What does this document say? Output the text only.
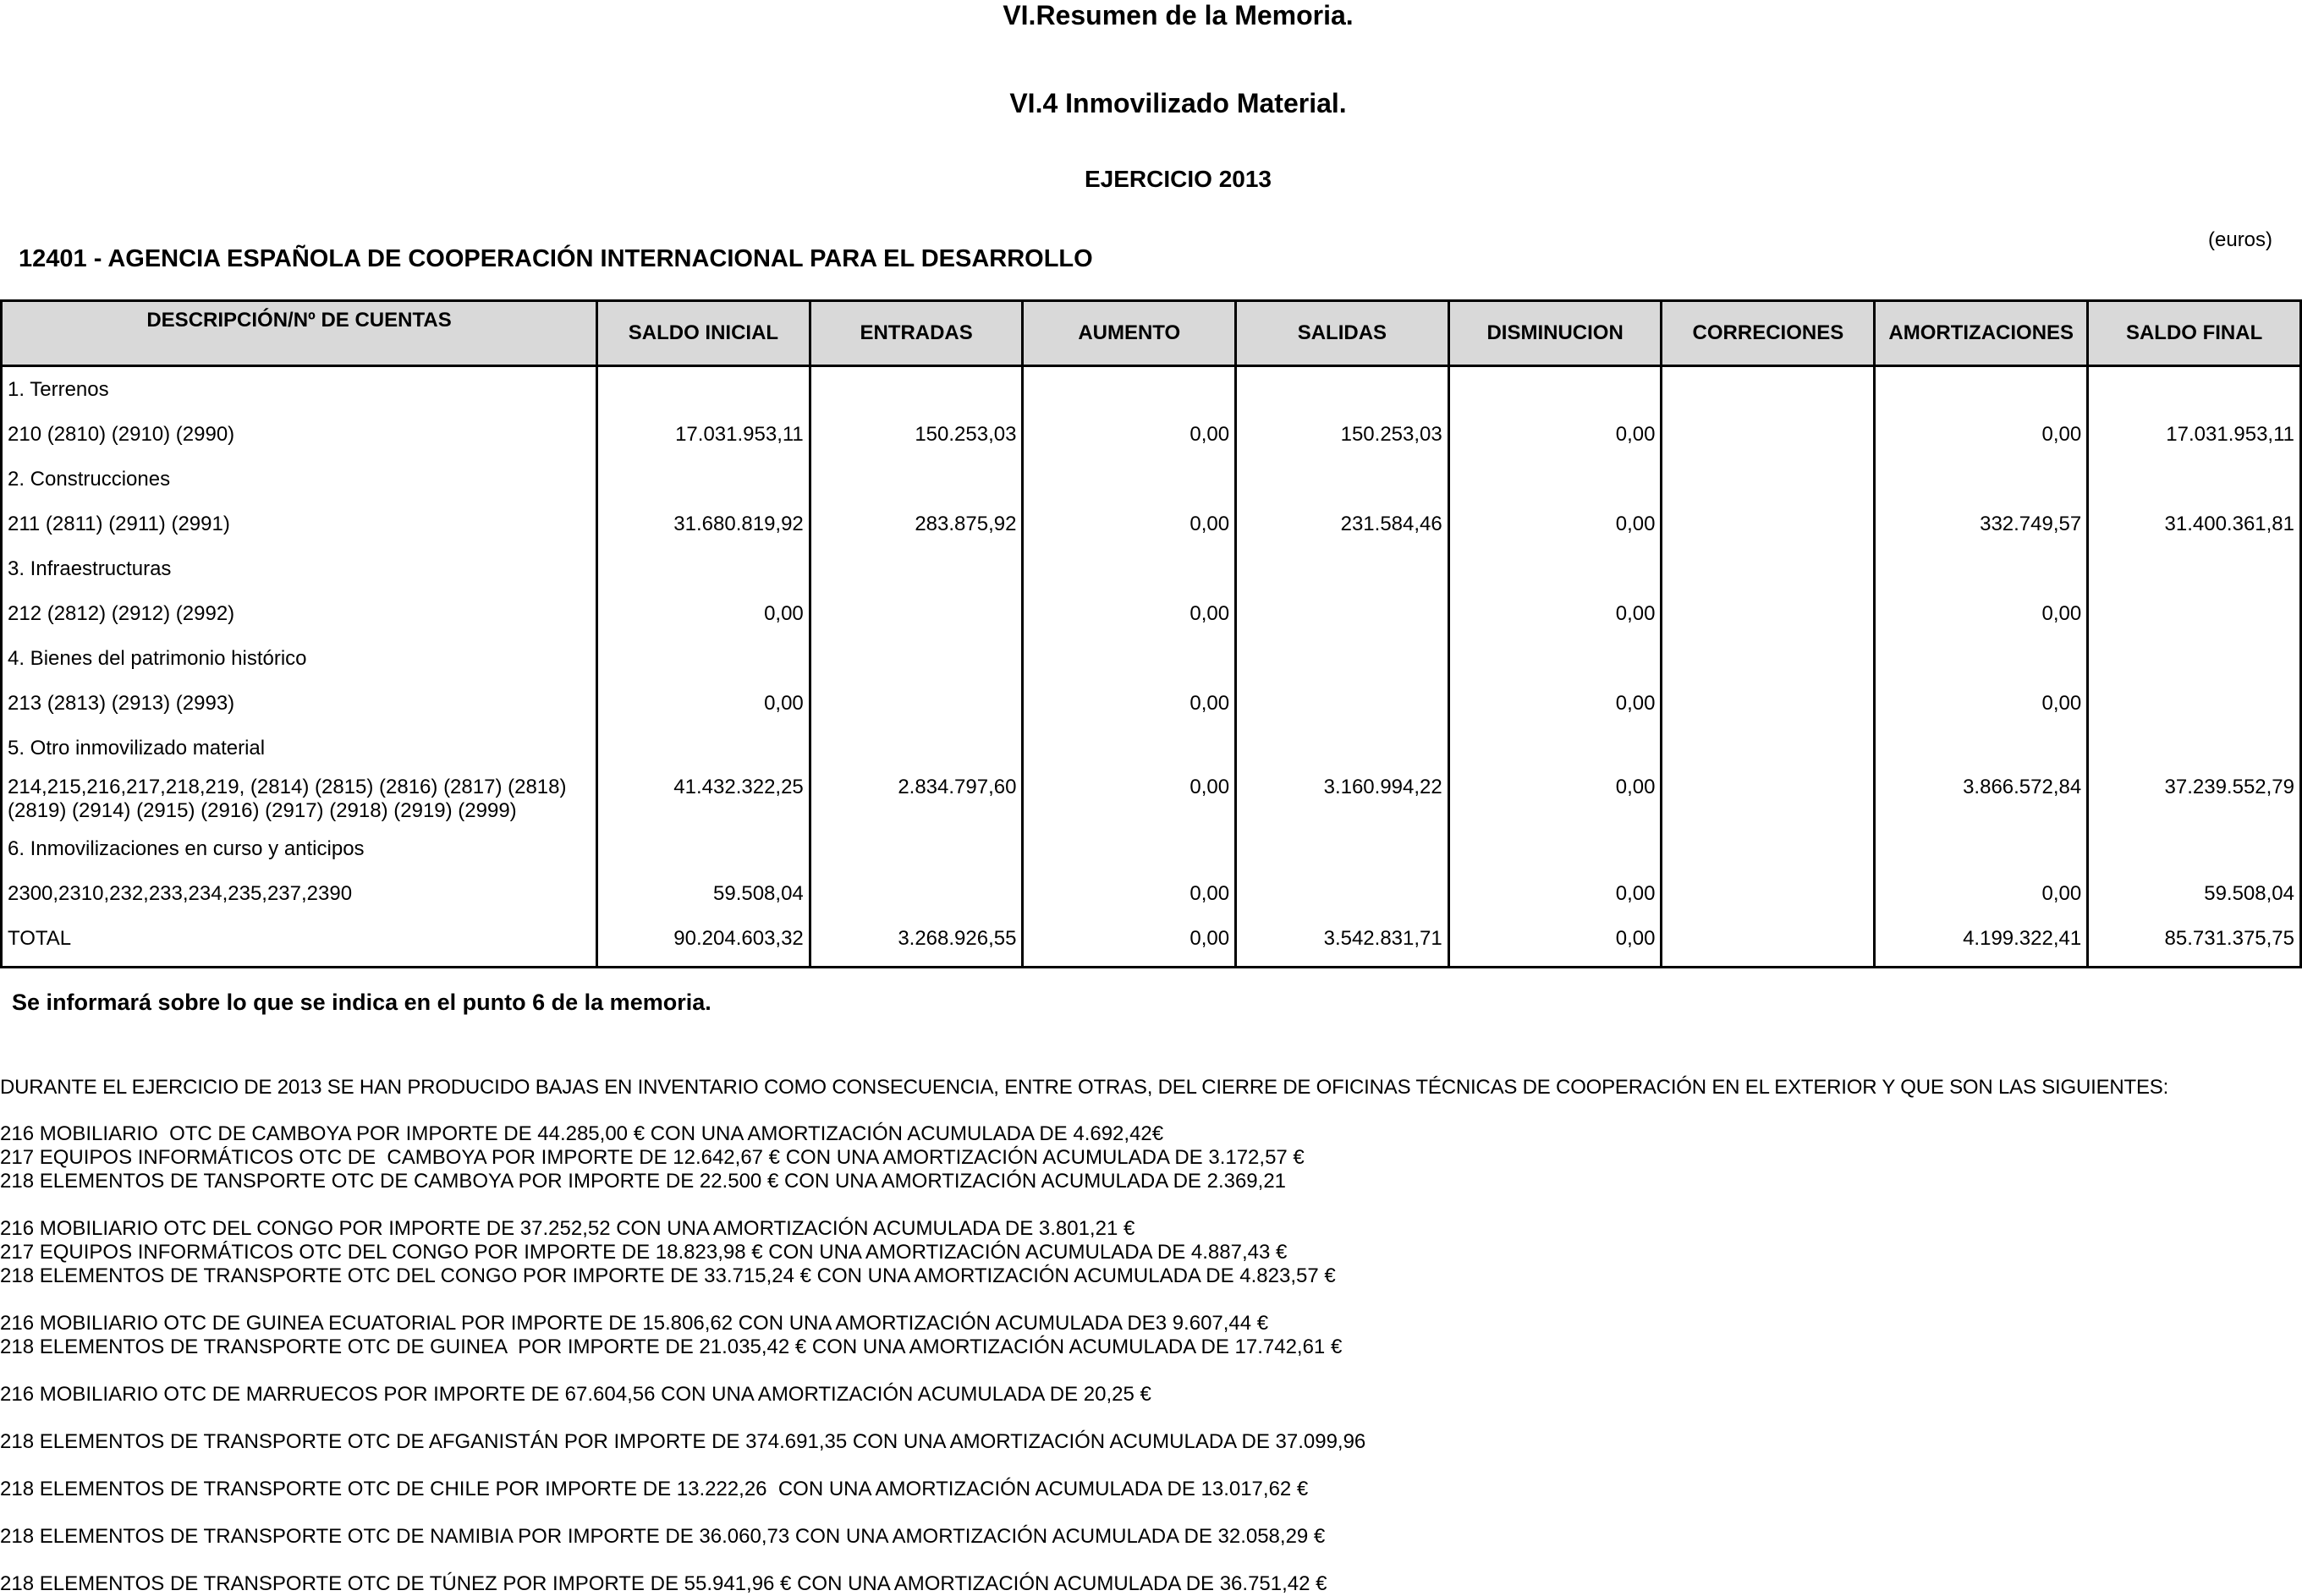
VI.Resumen de la Memoria.
VI.4 Inmovilizado Material.
EJERCICIO 2013
(euros)
12401 - AGENCIA ESPAÑOLA DE COOPERACIÓN INTERNACIONAL PARA EL DESARROLLO
DESCRIPCIÓN/Nº DE CUENTAS	SALDO INICIAL	ENTRADAS	AUMENTO	SALIDAS	DISMINUCION	CORRECIONES	AMORTIZACIONES	SALDO FINAL
1. Terrenos								
210 (2810) (2910) (2990)	17.031.953,11	150.253,03	0,00	150.253,03	0,00		0,00	17.031.953,11
2. Construcciones								
211 (2811) (2911) (2991)	31.680.819,92	283.875,92	0,00	231.584,46	0,00		332.749,57	31.400.361,81
3. Infraestructuras								
212 (2812) (2912) (2992)	0,00		0,00		0,00		0,00	
4. Bienes del patrimonio histórico								
213 (2813) (2913) (2993)	0,00		0,00		0,00		0,00	
5. Otro inmovilizado material								
214,215,216,217,218,219, (2814) (2815) (2816) (2817) (2818) (2819) (2914) (2915) (2916) (2917) (2918) (2919) (2999)	41.432.322,25	2.834.797,60	0,00	3.160.994,22	0,00		3.866.572,84	37.239.552,79
6. Inmovilizaciones en curso y anticipos								
2300,2310,232,233,234,235,237,2390	59.508,04		0,00		0,00		0,00	59.508,04
TOTAL	90.204.603,32	3.268.926,55	0,00	3.542.831,71	0,00		4.199.322,41	85.731.375,75
Se informará sobre lo que se indica en el punto 6 de la memoria.
DURANTE EL EJERCICIO DE 2013 SE HAN PRODUCIDO BAJAS EN INVENTARIO COMO CONSECUENCIA, ENTRE OTRAS, DEL CIERRE DE OFICINAS TÉCNICAS DE COOPERACIÓN EN EL EXTERIOR Y QUE SON LAS SIGUIENTES:
216 MOBILIARIO  OTC DE CAMBOYA POR IMPORTE DE 44.285,00 € CON UNA AMORTIZACIÓN ACUMULADA DE 4.692,42€
217 EQUIPOS INFORMÁTICOS OTC DE  CAMBOYA POR IMPORTE DE 12.642,67 € CON UNA AMORTIZACIÓN ACUMULADA DE 3.172,57 €
218 ELEMENTOS DE TANSPORTE OTC DE CAMBOYA POR IMPORTE DE 22.500 € CON UNA AMORTIZACIÓN ACUMULADA DE 2.369,21
216 MOBILIARIO OTC DEL CONGO POR IMPORTE DE 37.252,52 CON UNA AMORTIZACIÓN ACUMULADA DE 3.801,21 €
217 EQUIPOS INFORMÁTICOS OTC DEL CONGO POR IMPORTE DE 18.823,98 € CON UNA AMORTIZACIÓN ACUMULADA DE 4.887,43 €
218 ELEMENTOS DE TRANSPORTE OTC DEL CONGO POR IMPORTE DE 33.715,24 € CON UNA AMORTIZACIÓN ACUMULADA DE 4.823,57 €
216 MOBILIARIO OTC DE GUINEA ECUATORIAL POR IMPORTE DE 15.806,62 CON UNA AMORTIZACIÓN ACUMULADA DE3 9.607,44 €
218 ELEMENTOS DE TRANSPORTE OTC DE GUINEA  POR IMPORTE DE 21.035,42 € CON UNA AMORTIZACIÓN ACUMULADA DE 17.742,61 €
216 MOBILIARIO OTC DE MARRUECOS POR IMPORTE DE 67.604,56 CON UNA AMORTIZACIÓN ACUMULADA DE 20,25 €
218 ELEMENTOS DE TRANSPORTE OTC DE AFGANISTÁN POR IMPORTE DE 374.691,35 CON UNA AMORTIZACIÓN ACUMULADA DE 37.099,96
218 ELEMENTOS DE TRANSPORTE OTC DE CHILE POR IMPORTE DE 13.222,26  CON UNA AMORTIZACIÓN ACUMULADA DE 13.017,62 €
218 ELEMENTOS DE TRANSPORTE OTC DE NAMIBIA POR IMPORTE DE 36.060,73 CON UNA AMORTIZACIÓN ACUMULADA DE 32.058,29 €
218 ELEMENTOS DE TRANSPORTE OTC DE TÚNEZ POR IMPORTE DE 55.941,96 € CON UNA AMORTIZACIÓN ACUMULADA DE 36.751,42 €
